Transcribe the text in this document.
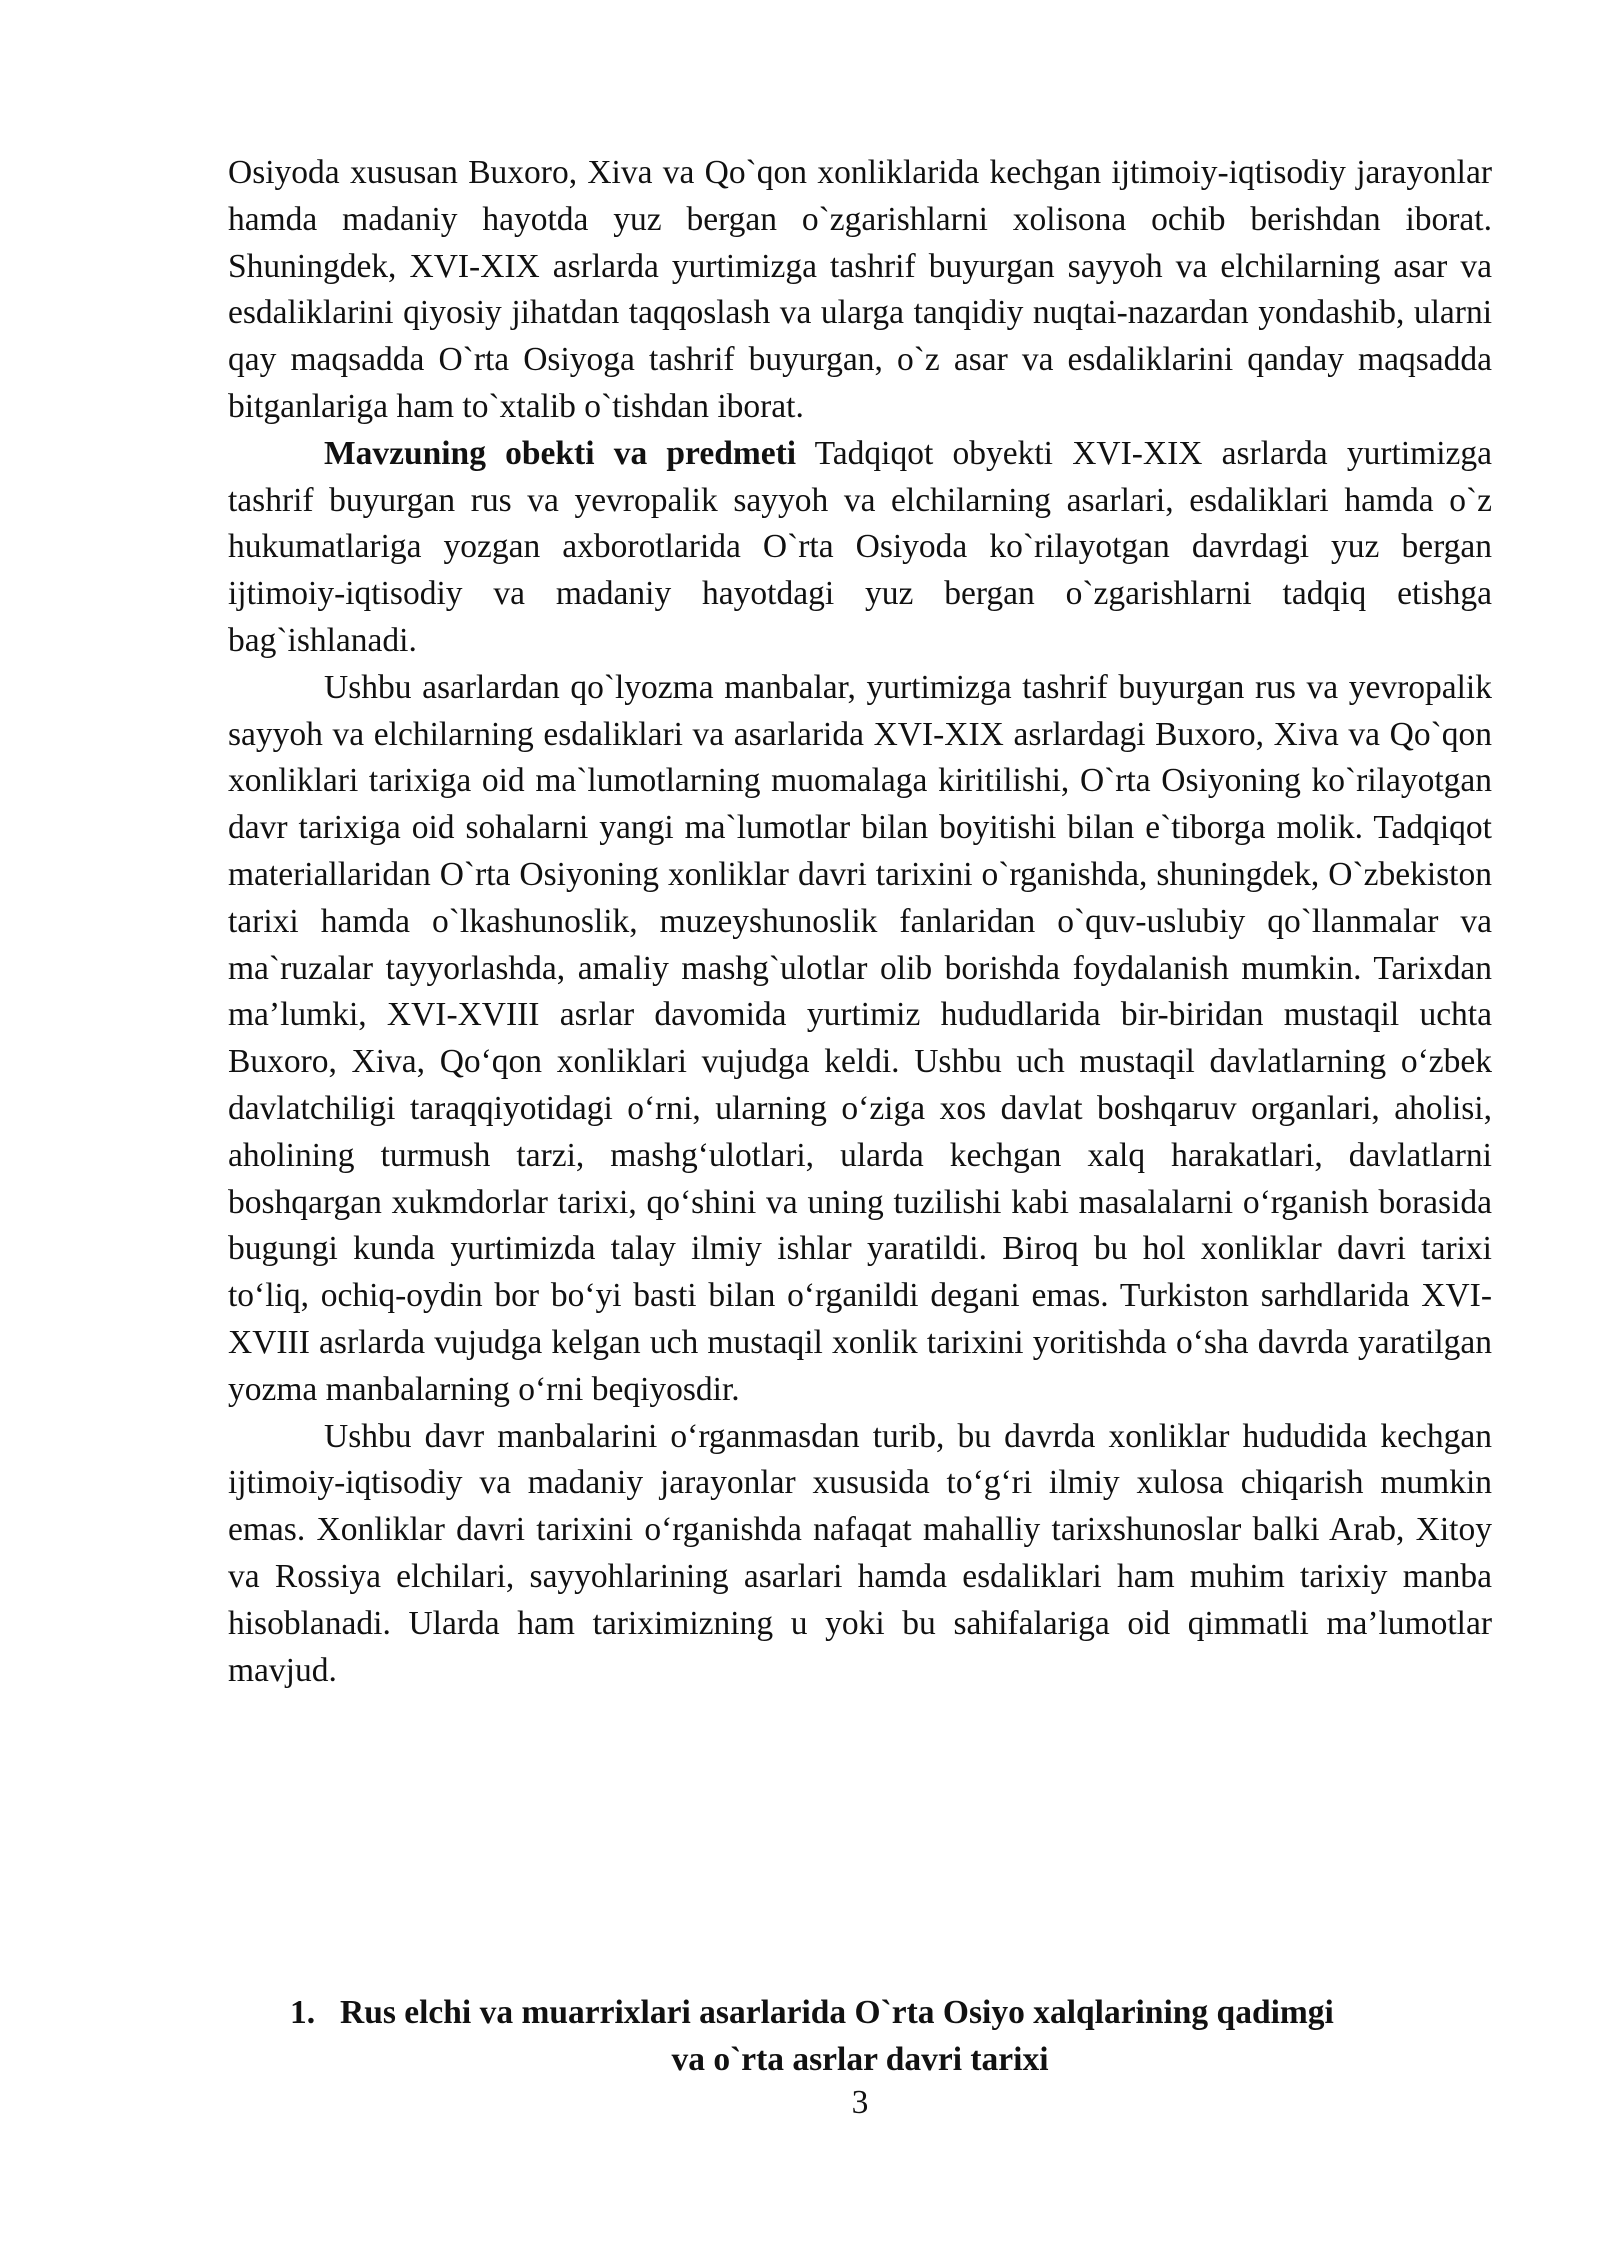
Osiyoda xususan Buxoro, Xiva va Qo`qon xonliklarida kechgan ijtimoiy-iqtisodiy jarayonlar hamda madaniy hayotda yuz bergan o`zgarishlarni xolisona ochib berishdan iborat. Shuningdek, XVI-XIX asrlarda yurtimizga tashrif buyurgan sayyoh va elchilarning asar va esdaliklarini qiyosiy jihatdan taqqoslash va ularga tanqidiy nuqtai-nazardan yondashib, ularni qay maqsadda O`rta Osiyoga tashrif buyurgan, o`z asar va esdaliklarini qanday maqsadda bitganlariga ham to`xtalib o`tishdan iborat.

Mavzuning obekti va predmeti Tadqiqot obyekti XVI-XIX asrlarda yurtimizga tashrif buyurgan rus va yevropalik sayyoh va elchilarning asarlari, esdaliklari hamda o`z hukumatlariga yozgan axborotlarida O`rta Osiyoda ko`rilayotgan davrdagi yuz bergan ijtimoiy-iqtisodiy va madaniy hayotdagi yuz bergan o`zgarishlarni tadqiq etishga bag`ishlanadi.

Ushbu asarlardan qo`lyozma manbalar, yurtimizga tashrif buyurgan rus va yevropalik sayyoh va elchilarning esdaliklari va asarlarida XVI-XIX asrlardagi Buxoro, Xiva va Qo`qon xonliklari tarixiga oid ma`lumotlarning muomalaga kiritilishi, O`rta Osiyoning ko`rilayotgan davr tarixiga oid sohalarni yangi ma`lumotlar bilan boyitishi bilan e`tiborga molik. Tadqiqot materiallaridan O`rta Osiyoning xonliklar davri tarixini o`rganishda, shuningdek, O`zbekiston tarixi hamda o`lkashunoslik, muzeyshunoslik fanlaridan o`quv-uslubiy qo`llanmalar va ma`ruzalar tayyorlashda, amaliy mashg`ulotlar olib borishda foydalanish mumkin. Tarixdan ma’lumki, XVI-XVIII asrlar davomida yurtimiz hududlarida bir-biridan mustaqil uchta Buxoro, Xiva, Qo‘qon xonliklari vujudga keldi. Ushbu uch mustaqil davlatlarning o‘zbek davlatchiligi taraqqiyotidagi o‘rni, ularning o‘ziga xos davlat boshqaruv organlari, aholisi, aholining turmush tarzi, mashg‘ulotlari, ularda kechgan xalq harakatlari, davlatlarni boshqargan xukmdorlar tarixi, qo‘shini va uning tuzilishi kabi masalalarni o‘rganish borasida bugungi kunda yurtimizda talay ilmiy ishlar yaratildi. Biroq bu hol xonliklar davri tarixi to‘liq, ochiq-oydin bor bo‘yi basti bilan o‘rganildi degani emas. Turkiston sarhdlarida XVI-XVIII asrlarda vujudga kelgan uch mustaqil xonlik tarixini yoritishda o‘sha davrda yaratilgan yozma manbalarning o‘rni beqiyosdir.

Ushbu davr manbalarini o‘rganmasdan turib, bu davrda xonliklar hududida kechgan ijtimoiy-iqtisodiy va madaniy jarayonlar xususida to‘g‘ri ilmiy xulosa chiqarish mumkin emas. Xonliklar davri tarixini o‘rganishda nafaqat mahalliy tarixshunoslar balki Arab, Xitoy va Rossiya elchilari, sayyohlarining asarlari hamda esdaliklari ham muhim tarixiy manba hisoblanadi. Ularda ham tariximizning u yoki bu sahifalariga oid qimmatli ma’lumotlar mavjud.

1. Rus elchi va muarrixlari asarlarida O`rta Osiyo xalqlarining qadimgi
va o`rta asrlar davri tarixi
3
